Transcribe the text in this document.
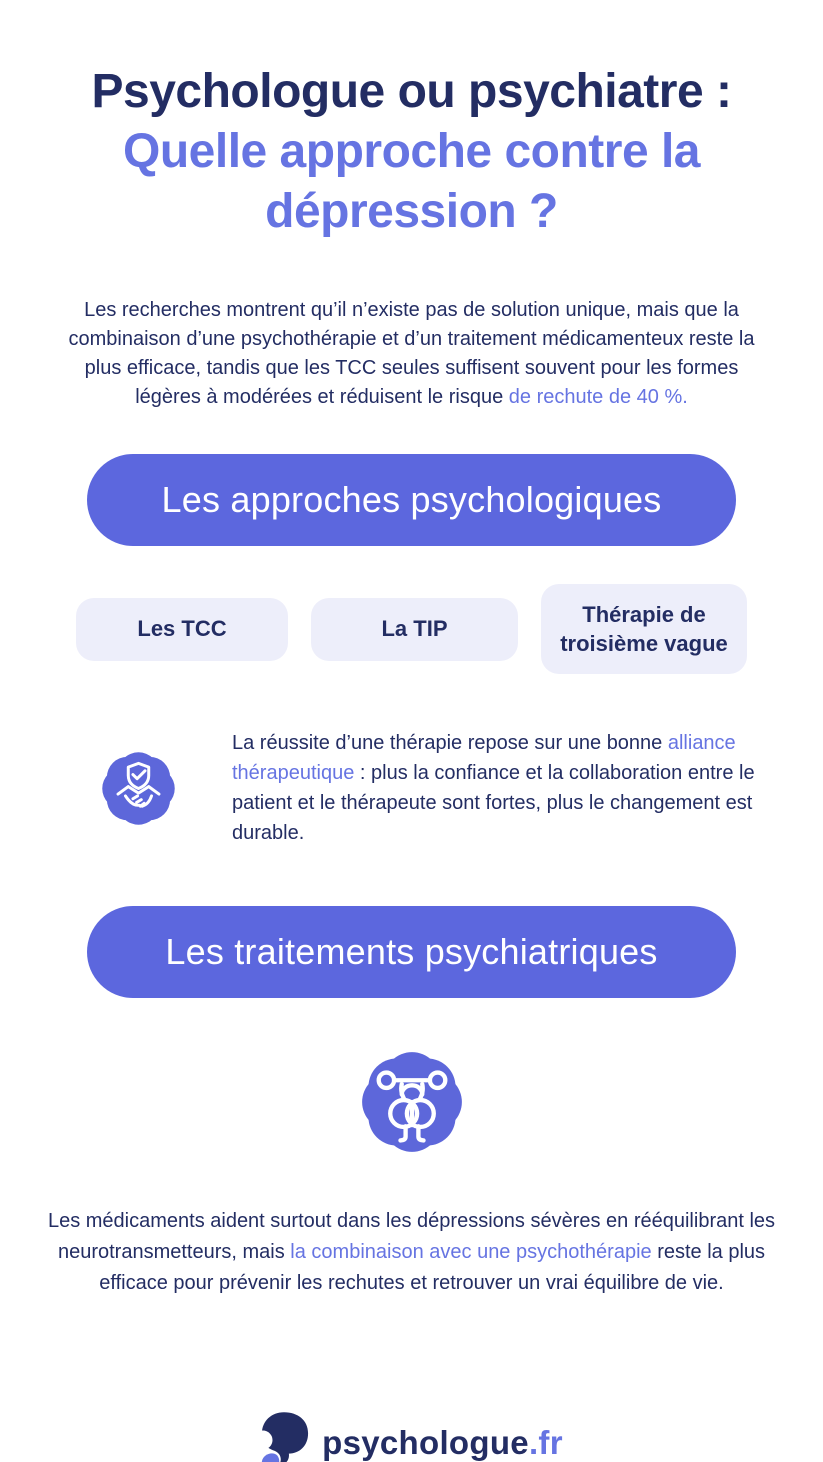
Psychologue ou psychiatre :
Quelle approche contre la dépression ?

Les recherches montrent qu’il n’existe pas de solution unique, mais que la combinaison d’une psychothérapie et d’un traitement médicamenteux reste la plus efficace, tandis que les TCC seules suffisent souvent pour les formes légères à modérées et réduisent le risque de rechute de 40 %.

Les approches psychologiques
Les TCC	La TIP
Thérapie de troisième vague

La réussite d’une thérapie repose sur une bonne alliance thérapeutique : plus la confiance et la collaboration entre le patient et le thérapeute sont fortes, plus le changement est durable.

Les traitements psychiatriques

Les médicaments aident surtout dans les dépressions sévères en rééquilibrant les neurotransmetteurs, mais la combinaison avec une psychothérapie reste la plus efficace pour prévenir les rechutes et retrouver un vrai équilibre de vie.

psychologue.fr
